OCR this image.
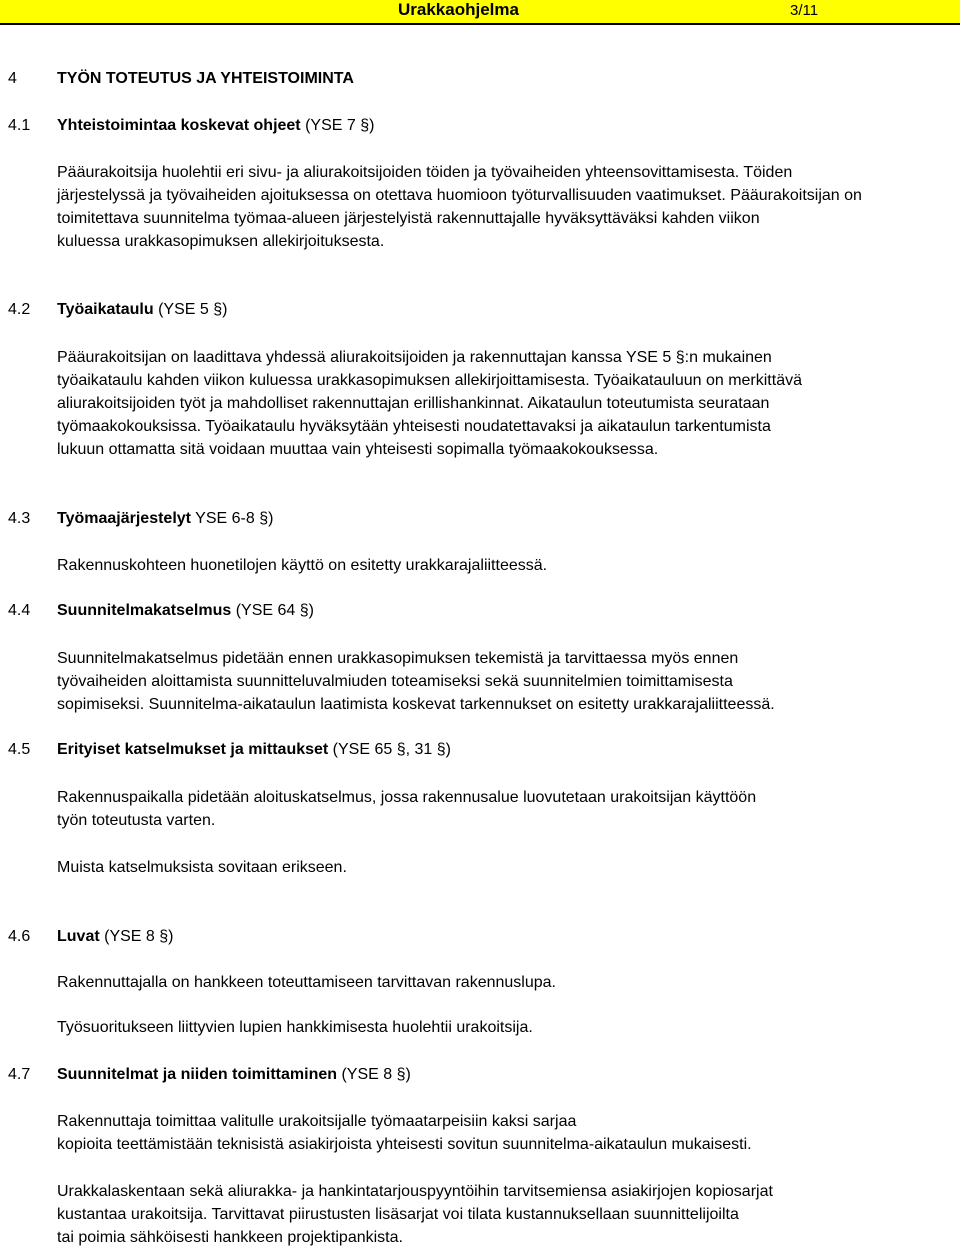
Urakkaohjelma	3/11
4	TYÖN TOTEUTUS JA YHTEISTOIMINTA
4.1 Yhteistoimintaa koskevat ohjeet (YSE 7 §)
Pääurakoitsija huolehtii eri sivu- ja aliurakoitsijoiden töiden ja työvaiheiden yhteensovittamisesta. Töiden
järjestelyssä ja työvaiheiden ajoituksessa on otettava huomioon työturvallisuuden vaatimukset. Pääurakoitsijan on
toimitettava suunnitelma työmaa-alueen järjestelyistä rakennuttajalle hyväksyttäväksi kahden viikon
kuluessa urakkasopimuksen allekirjoituksesta.
4.2 Työaikataulu (YSE 5 §)
Pääurakoitsijan on laadittava yhdessä aliurakoitsijoiden ja rakennuttajan kanssa YSE 5 §:n mukainen
työaikataulu kahden viikon kuluessa urakkasopimuksen allekirjoittamisesta. Työaikatauluun on merkittävä
aliurakoitsijoiden työt ja mahdolliset rakennuttajan erillishankinnat. Aikataulun toteutumista seurataan
työmaakokouksissa. Työaikataulu hyväksytään yhteisesti noudatettavaksi ja aikataulun tarkentumista
lukuun ottamatta sitä voidaan muuttaa vain yhteisesti sopimalla työmaakokouksessa.
4.3 Työmaajärjestelyt YSE 6-8 §)
Rakennuskohteen huonetilojen käyttö on esitetty urakkarajaliitteessä.
4.4 Suunnitelmakatselmus (YSE 64 §)
Suunnitelmakatselmus pidetään ennen urakkasopimuksen tekemistä ja tarvittaessa myös ennen
työvaiheiden aloittamista suunnitteluvalmiuden toteamiseksi sekä suunnitelmien toimittamisesta
sopimiseksi. Suunnitelma-aikataulun laatimista koskevat tarkennukset on esitetty urakkarajaliitteessä.
4.5 Erityiset katselmukset ja mittaukset (YSE 65 §, 31 §)
Rakennuspaikalla pidetään aloituskatselmus, jossa rakennusalue luovutetaan urakoitsijan käyttöön
työn toteutusta varten.
Muista katselmuksista sovitaan erikseen.
4.6 Luvat (YSE 8 §)
Rakennuttajalla on hankkeen toteuttamiseen tarvittavan rakennuslupa.
Työsuoritukseen liittyvien lupien hankkimisesta huolehtii urakoitsija.
4.7 Suunnitelmat ja niiden toimittaminen (YSE 8 §)
Rakennuttaja toimittaa valitulle urakoitsijalle työmaatarpeisiin kaksi sarjaa
kopioita teettämistään teknisistä asiakirjoista yhteisesti sovitun suunnitelma-aikataulun mukaisesti.
Urakkalaskentaan sekä aliurakka- ja hankintatarjouspyyntöihin tarvitsemiensa asiakirjojen kopiosarjat
kustantaa urakoitsija. Tarvittavat piirustusten lisäsarjat voi tilata kustannuksellaan suunnittelijoilta
tai poimia sähköisesti hankkeen projektipankista.
